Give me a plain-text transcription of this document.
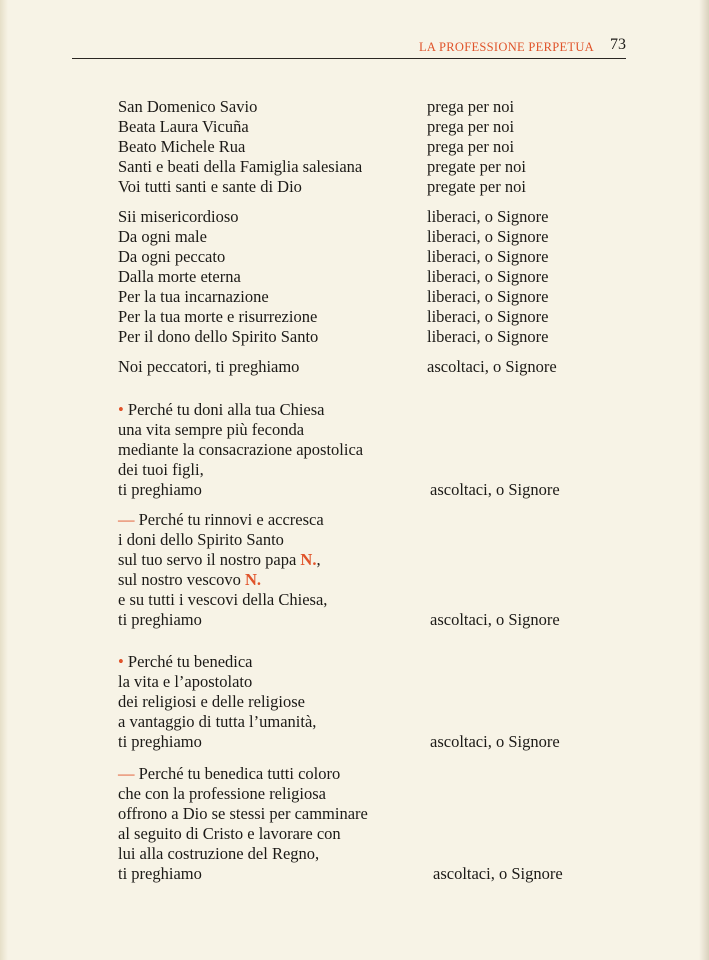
LA PROFESSIONE PERPETUA 73
San Domenico Savio	prega per noi
Beata Laura Vicuña	prega per noi
Beato Michele Rua	prega per noi
Santi e beati della Famiglia salesiana	pregate per noi
Voi tutti santi e sante di Dio	pregate per noi
Sii misericordioso	liberaci, o Signore
Da ogni male	liberaci, o Signore
Da ogni peccato	liberaci, o Signore
Dalla morte eterna	liberaci, o Signore
Per la tua incarnazione	liberaci, o Signore
Per la tua morte e risurrezione	liberaci, o Signore
Per il dono dello Spirito Santo	liberaci, o Signore
Noi peccatori, ti preghiamo	ascoltaci, o Signore
• Perché tu doni alla tua Chiesa
una vita sempre più feconda
mediante la consacrazione apostolica
dei tuoi figli,
ti preghiamo	ascoltaci, o Signore
— Perché tu rinnovi e accresca
i doni dello Spirito Santo
sul tuo servo il nostro papa N.,
sul nostro vescovo N.
e su tutti i vescovi della Chiesa,
ti preghiamo	ascoltaci, o Signore
• Perché tu benedica
la vita e l’apostolato
dei religiosi e delle religiose
a vantaggio di tutta l’umanità,
ti preghiamo	ascoltaci, o Signore
— Perché tu benedica tutti coloro
che con la professione religiosa
offrono a Dio se stessi per camminare
al seguito di Cristo e lavorare con
lui alla costruzione del Regno,
ti preghiamo	ascoltaci, o Signore
